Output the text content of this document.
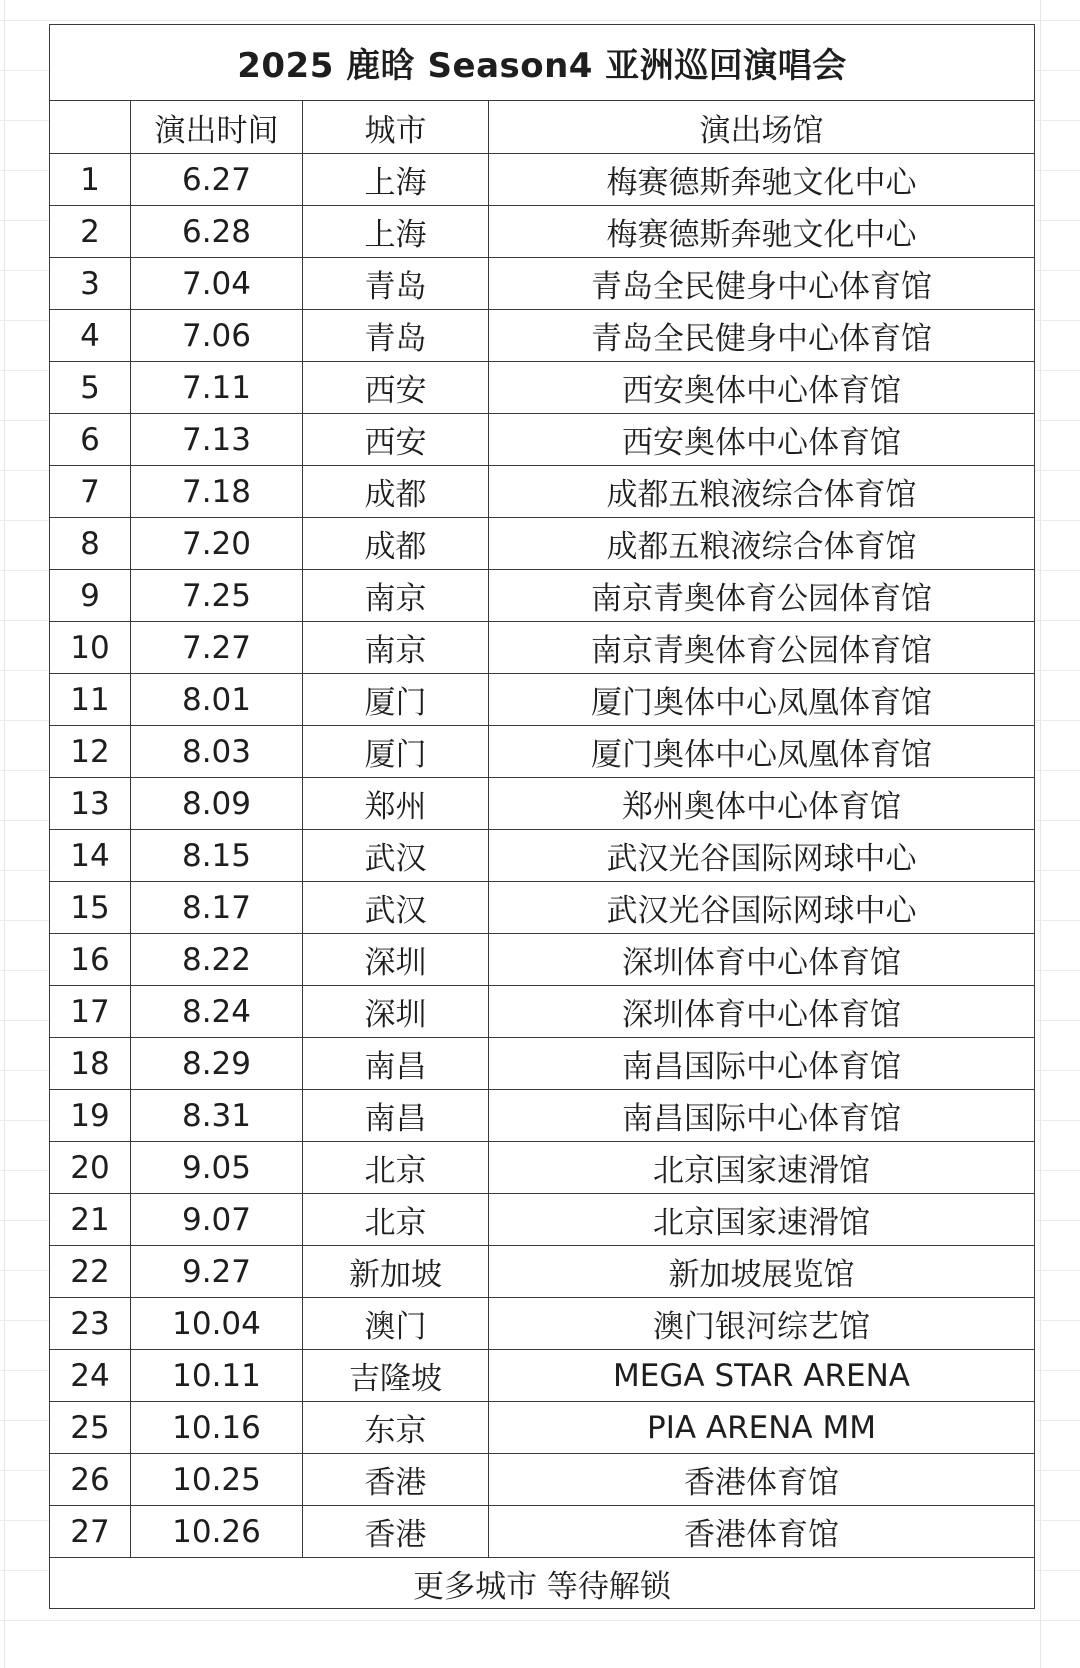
2025 鹿晗 Season4 亚洲巡回演唱会			
	演出时间	城市	演出场馆
1	6.27	上海	梅赛德斯奔驰文化中心
2	6.28	上海	梅赛德斯奔驰文化中心
3	7.04	青岛	青岛全民健身中心体育馆
4	7.06	青岛	青岛全民健身中心体育馆
5	7.11	西安	西安奥体中心体育馆
6	7.13	西安	西安奥体中心体育馆
7	7.18	成都	成都五粮液综合体育馆
8	7.20	成都	成都五粮液综合体育馆
9	7.25	南京	南京青奥体育公园体育馆
10	7.27	南京	南京青奥体育公园体育馆
11	8.01	厦门	厦门奥体中心凤凰体育馆
12	8.03	厦门	厦门奥体中心凤凰体育馆
13	8.09	郑州	郑州奥体中心体育馆
14	8.15	武汉	武汉光谷国际网球中心
15	8.17	武汉	武汉光谷国际网球中心
16	8.22	深圳	深圳体育中心体育馆
17	8.24	深圳	深圳体育中心体育馆
18	8.29	南昌	南昌国际中心体育馆
19	8.31	南昌	南昌国际中心体育馆
20	9.05	北京	北京国家速滑馆
21	9.07	北京	北京国家速滑馆
22	9.27	新加坡	新加坡展览馆
23	10.04	澳门	澳门银河综艺馆
24	10.11	吉隆坡	MEGA STAR ARENA
25	10.16	东京	PIA ARENA MM
26	10.25	香港	香港体育馆
27	10.26	香港	香港体育馆
更多城市 等待解锁			
